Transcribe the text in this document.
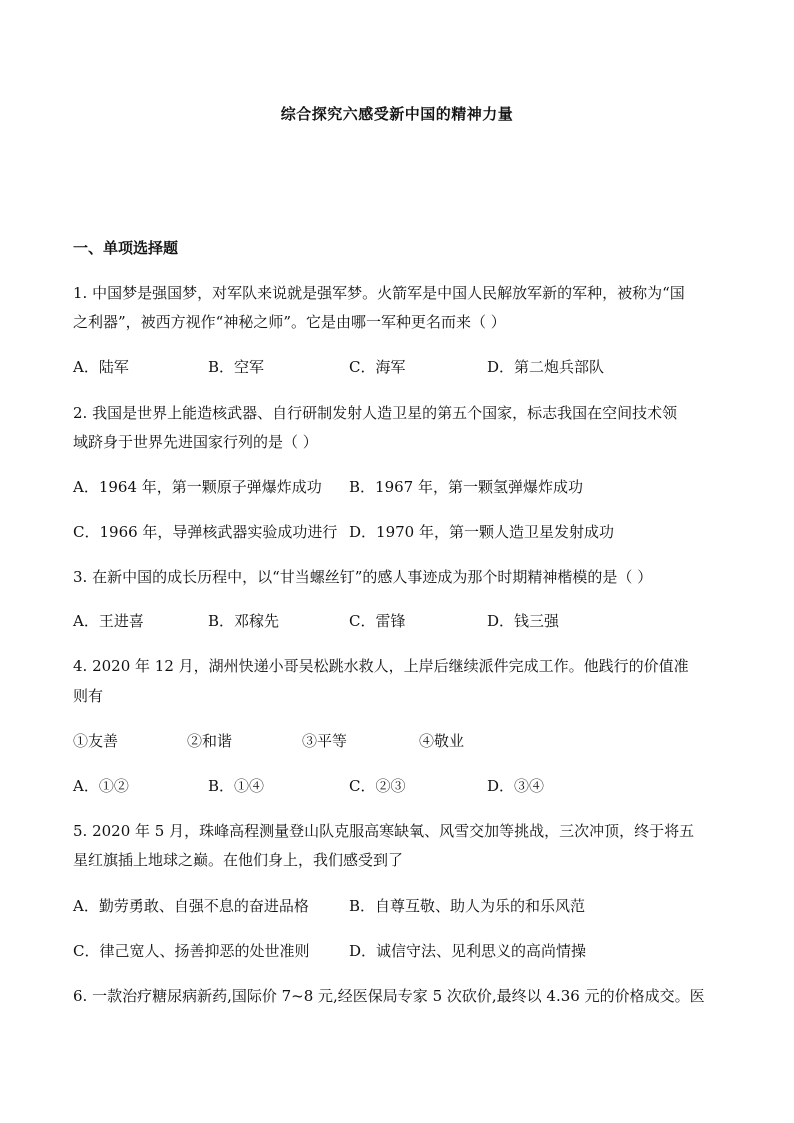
综合探究六感受新中国的精神力量
一、单项选择题
1. 中国梦是强国梦，对军队来说就是强军梦。火箭军是中国人民解放军新的军种，被称为“国
之利器”，被西方视作“神秘之师”。它是由哪一军种更名而来（ ）
A．陆军	B．空军	C．海军	D．第二炮兵部队
2. 我国是世界上能造核武器、自行研制发射人造卫星的第五个国家，标志我国在空间技术领
域跻身于世界先进国家行列的是（ ）
A．1964 年，第一颗原子弹爆炸成功 B．1967 年，第一颗氢弹爆炸成功
C．1966 年，导弹核武器实验成功进行 D．1970 年，第一颗人造卫星发射成功
3. 在新中国的成长历程中，以“甘当螺丝钉”的感人事迹成为那个时期精神楷模的是（ ）
A．王进喜	B．邓稼先	C．雷锋	D．钱三强
4. 2020 年 12 月，湖州快递小哥吴松跳水救人，上岸后继续派件完成工作。他践行的价值准
则有
①友善	②和谐	③平等	④敬业
A．①②	B．①④	C．②③	D．③④
5. 2020 年 5 月，珠峰高程测量登山队克服高寒缺氧、风雪交加等挑战，三次冲顶，终于将五
星红旗插上地球之巅。在他们身上，我们感受到了
A．勤劳勇敢、自强不息的奋进品格	B．自尊互敬、助人为乐的和乐风范
C．律己宽人、扬善抑恶的处世准则	D．诚信守法、见利思义的高尚情操
6. 一款治疗糖尿病新药,国际价 7~8 元,经医保局专家 5 次砍价,最终以 4.36 元的价格成交。医
